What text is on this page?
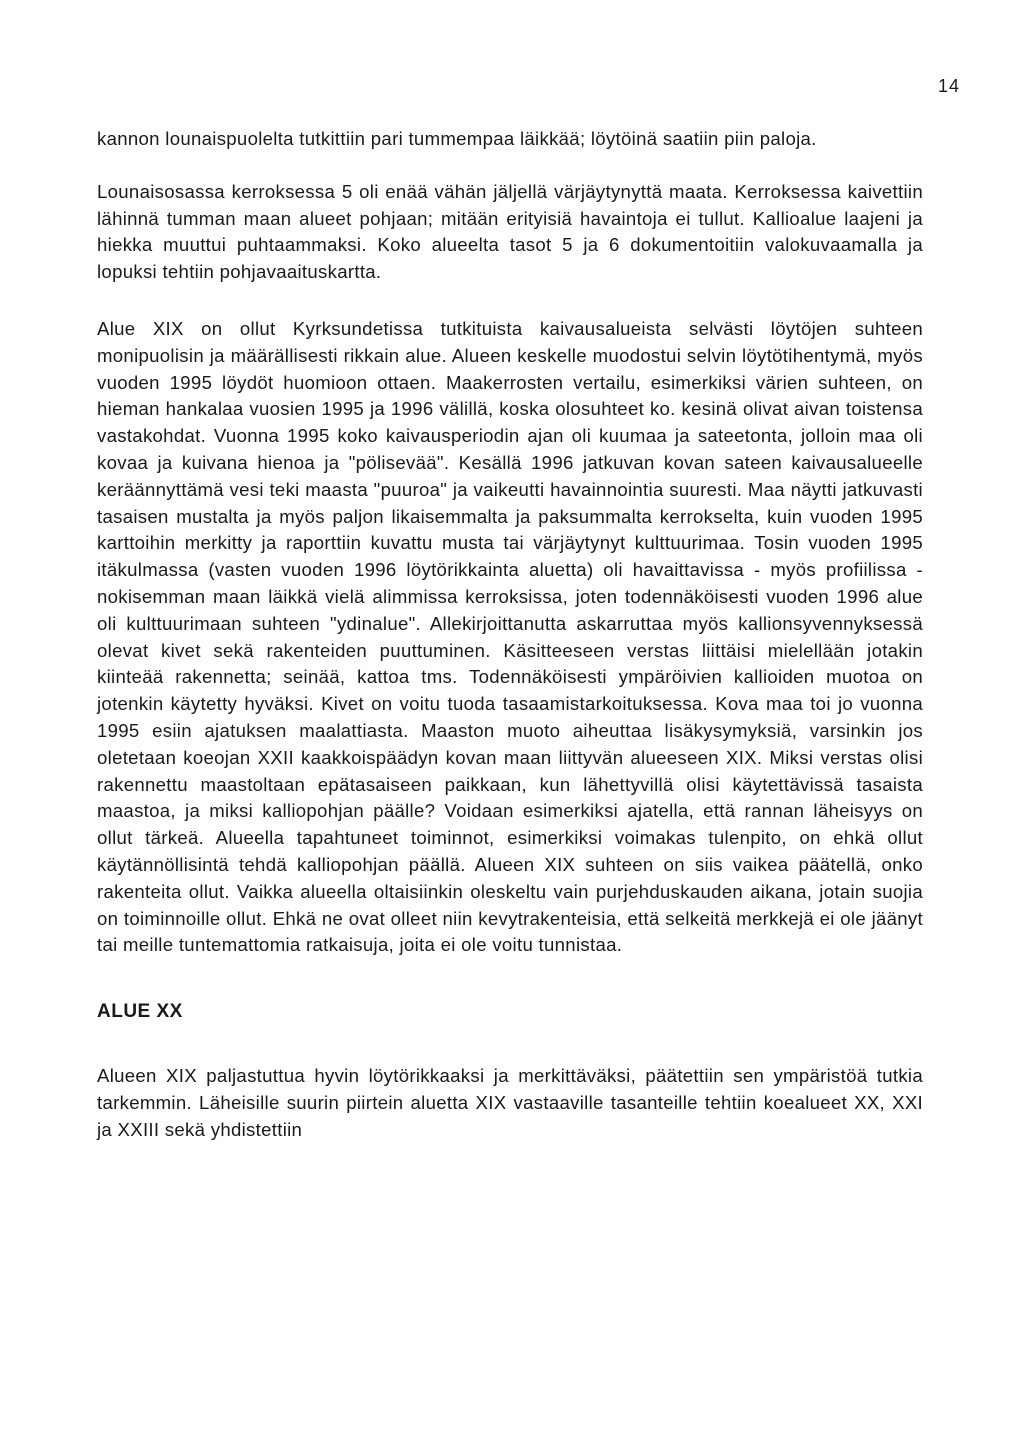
14

kannon lounaispuolelta tutkittiin pari tummempaa läikkää; löytöinä saatiin piin paloja.

Lounaisosassa kerroksessa 5 oli enää vähän jäljellä värjäytynyttä maata. Kerroksessa kaivettiin lähinnä tumman maan alueet pohjaan; mitään erityisiä havaintoja ei tullut. Kallioalue laajeni ja hiekka muuttui puhtaammaksi. Koko alueelta tasot 5 ja 6 dokumentoitiin valokuvaamalla ja lopuksi tehtiin pohjavaaituskartta.

Alue XIX on ollut Kyrksundetissa tutkituista kaivausalueista selvästi löytöjen suhteen monipuolisin ja määrällisesti rikkain alue. Alueen keskelle muodostui selvin löytötihentymä, myös vuoden 1995 löydöt huomioon ottaen. Maakerrosten vertailu, esimerkiksi värien suhteen, on hieman hankalaa vuosien 1995 ja 1996 välillä, koska olosuhteet ko. kesinä olivat aivan toistensa vastakohdat. Vuonna 1995 koko kaivausperiodin ajan oli kuumaa ja sateetonta, jolloin maa oli kovaa ja kuivana hienoa ja "pölisevää". Kesällä 1996 jatkuvan kovan sateen kaivausalueelle keräännyttämä vesi teki maasta "puuroa" ja vaikeutti havainnointia suuresti. Maa näytti jatkuvasti tasaisen mustalta ja myös paljon likaisemmalta ja paksummalta kerrokselta, kuin vuoden 1995 karttoihin merkitty ja raporttiin kuvattu musta tai värjäytynyt kulttuurimaa. Tosin vuoden 1995 itäkulmassa (vasten vuoden 1996 löytörikkainta aluetta) oli havaittavissa - myös profiilissa - nokisemman maan läikkä vielä alimmissa kerroksissa, joten todennäköisesti vuoden 1996 alue oli kulttuurimaan suhteen "ydinalue". Allekirjoittanutta askarruttaa myös kallionsyvennyksessä olevat kivet sekä rakenteiden puuttuminen. Käsitteeseen verstas liittäisi mielellään jotakin kiinteää rakennetta; seinää, kattoa tms. Todennäköisesti ympäröivien kallioiden muotoa on jotenkin käytetty hyväksi. Kivet on voitu tuoda tasaamistarkoituksessa. Kova maa toi jo vuonna 1995 esiin ajatuksen maalattiasta. Maaston muoto aiheuttaa lisäkysymyksiä, varsinkin jos oletetaan koeojan XXII kaakkoispäädyn kovan maan liittyvän alueeseen XIX. Miksi verstas olisi rakennettu maastoltaan epätasaiseen paikkaan, kun lähettyvillä olisi käytettävissä tasaista maastoa, ja miksi kalliopohjan päälle? Voidaan esimerkiksi ajatella, että rannan läheisyys on ollut tärkeä. Alueella tapahtuneet toiminnot, esimerkiksi voimakas tulenpito, on ehkä ollut käytännöllisintä tehdä kalliopohjan päällä. Alueen XIX suhteen on siis vaikea päätellä, onko rakenteita ollut. Vaikka alueella oltaisiinkin oleskeltu vain purjehduskauden aikana, jotain suojia on toiminnoille ollut. Ehkä ne ovat olleet niin kevytrakenteisia, että selkeitä merkkejä ei ole jäänyt tai meille tuntemattomia ratkaisuja, joita ei ole voitu tunnistaa.

ALUE XX

Alueen XIX paljastuttua hyvin löytörikkaaksi ja merkittäväksi, päätettiin sen ympäristöä tutkia tarkemmin. Läheisille suurin piirtein aluetta XIX vastaaville tasanteille tehtiin koealueet XX, XXI ja XXIII sekä yhdistettiin
